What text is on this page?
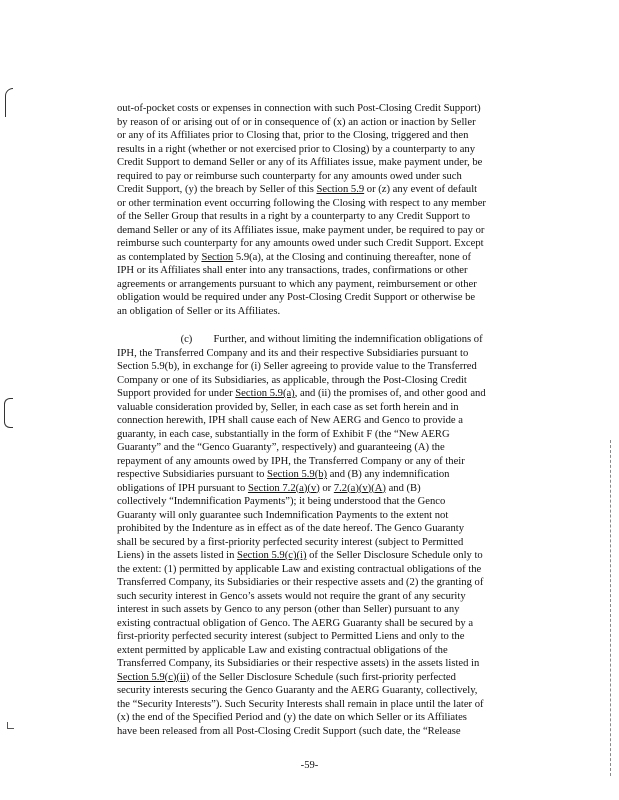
out-of-pocket costs or expenses in connection with such Post-Closing Credit Support)
by reason of or arising out of or in consequence of (x) an action or inaction by Seller
or any of its Affiliates prior to Closing that, prior to the Closing, triggered and then
results in a right (whether or not exercised prior to Closing) by a counterparty to any
Credit Support to demand Seller or any of its Affiliates issue, make payment under, be
required to pay or reimburse such counterparty for any amounts owed under such
Credit Support, (y) the breach by Seller of this Section 5.9 or (z) any event of default
or other termination event occurring following the Closing with respect to any member
of the Seller Group that results in a right by a counterparty to any Credit Support to
demand Seller or any of its Affiliates issue, make payment under, be required to pay or
reimburse such counterparty for any amounts owed under such Credit Support. Except
as contemplated by Section 5.9(a), at the Closing and continuing thereafter, none of
IPH or its Affiliates shall enter into any transactions, trades, confirmations or other
agreements or arrangements pursuant to which any payment, reimbursement or other
obligation would be required under any Post-Closing Credit Support or otherwise be
an obligation of Seller or its Affiliates.
(c)        Further, and without limiting the indemnification obligations of
IPH, the Transferred Company and its and their respective Subsidiaries pursuant to
Section 5.9(b), in exchange for (i) Seller agreeing to provide value to the Transferred
Company or one of its Subsidiaries, as applicable, through the Post-Closing Credit
Support provided for under Section 5.9(a), and (ii) the promises of, and other good and
valuable consideration provided by, Seller, in each case as set forth herein and in
connection herewith, IPH shall cause each of New AERG and Genco to provide a
guaranty, in each case, substantially in the form of Exhibit F (the “New AERG
Guaranty” and the “Genco Guaranty”, respectively) and guaranteeing (A) the
repayment of any amounts owed by IPH, the Transferred Company or any of their
respective Subsidiaries pursuant to Section 5.9(b) and (B) any indemnification
obligations of IPH pursuant to Section 7.2(a)(v) or 7.2(a)(v)(A) and (B)
collectively “Indemnification Payments”); it being understood that the Genco
Guaranty will only guarantee such Indemnification Payments to the extent not
prohibited by the Indenture as in effect as of the date hereof. The Genco Guaranty
shall be secured by a first-priority perfected security interest (subject to Permitted
Liens) in the assets listed in Section 5.9(c)(i) of the Seller Disclosure Schedule only to
the extent: (1) permitted by applicable Law and existing contractual obligations of the
Transferred Company, its Subsidiaries or their respective assets and (2) the granting of
such security interest in Genco’s assets would not require the grant of any security
interest in such assets by Genco to any person (other than Seller) pursuant to any
existing contractual obligation of Genco. The AERG Guaranty shall be secured by a
first-priority perfected security interest (subject to Permitted Liens and only to the
extent permitted by applicable Law and existing contractual obligations of the
Transferred Company, its Subsidiaries or their respective assets) in the assets listed in
Section 5.9(c)(ii) of the Seller Disclosure Schedule (such first-priority perfected
security interests securing the Genco Guaranty and the AERG Guaranty, collectively,
the “Security Interests”). Such Security Interests shall remain in place until the later of
(x) the end of the Specified Period and (y) the date on which Seller or its Affiliates
have been released from all Post-Closing Credit Support (such date, the “Release
-59-
